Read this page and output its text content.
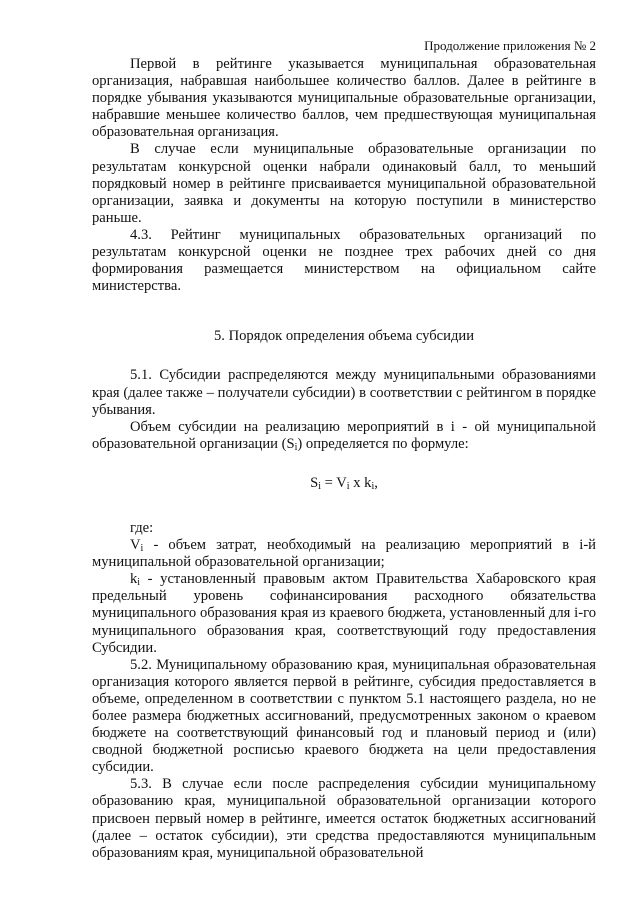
Продолжение приложения № 2

Первой в рейтинге указывается муниципальная образовательная организация, набравшая наибольшее количество баллов. Далее в рейтинге в порядке убывания указываются муниципальные образовательные организации, набравшие меньшее количество баллов, чем предшествующая муниципальная образовательная организация.

В случае если муниципальные образовательные организации по результатам конкурсной оценки набрали одинаковый балл, то меньший порядковый номер в рейтинге присваивается муниципальной образовательной организации, заявка и документы на которую поступили в министерство раньше.

4.3. Рейтинг муниципальных образовательных организаций по результатам конкурсной оценки не позднее трех рабочих дней со дня формирования размещается министерством на официальном сайте министерства.

5. Порядок определения объема субсидии

5.1. Субсидии распределяются между муниципальными образованиями края (далее также – получатели субсидии) в соответствии с рейтингом в порядке убывания.

Объем субсидии на реализацию мероприятий в i - ой муниципальной образовательной организации $(S_i)$ определяется по формуле:

$S_i = V_i$ x $k_i$,

где:

$V_i$ - объем затрат, необходимый на реализацию мероприятий в i-й муниципальной образовательной организации;

$k_i$ - установленный правовым актом Правительства Хабаровского края предельный уровень софинансирования расходного обязательства муниципального образования края из краевого бюджета, установленный для i-го муниципального образования края, соответствующий году предоставления Субсидии.

5.2. Муниципальному образованию края, муниципальная образовательная организация которого является первой в рейтинге, субсидия предоставляется в объеме, определенном в соответствии с пунктом 5.1 настоящего раздела, но не более размера бюджетных ассигнований, предусмотренных законом о краевом бюджете на соответствующий финансовый год и плановый период и (или) сводной бюджетной росписью краевого бюджета на цели предоставления субсидии.

5.3. В случае если после распределения субсидии муниципальному образованию края, муниципальной образовательной организации которого присвоен первый номер в рейтинге, имеется остаток бюджетных ассигнований (далее – остаток субсидии), эти средства предоставляются муниципальным образованиям края, муниципальной образовательной
